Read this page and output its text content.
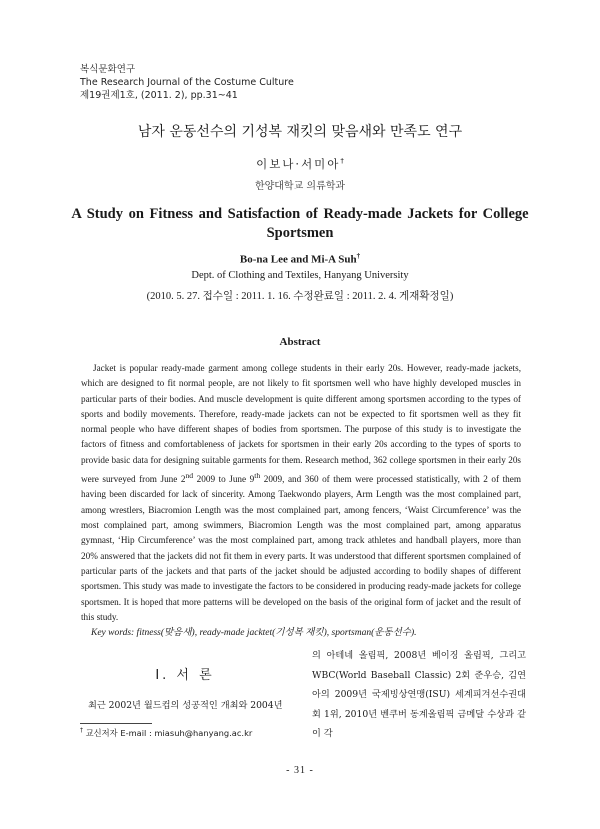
복식문화연구
The Research Journal of the Costume Culture
제19권제1호, (2011. 2), pp.31~41
남자 운동선수의 기성복 재킷의 맞음새와 만족도 연구
이보나·서미아†
한양대학교 의류학과
A Study on Fitness and Satisfaction of Ready-made Jackets for College Sportsmen
Bo-na Lee and Mi-A Suh†
Dept. of Clothing and Textiles, Hanyang University
(2010. 5. 27. 접수일 : 2011. 1. 16. 수정완료일 : 2011. 2. 4. 게재확정일)
Abstract

Jacket is popular ready-made garment among college students in their early 20s. However, ready-made jackets, which are designed to fit normal people, are not likely to fit sportsmen well who have highly developed muscles in particular parts of their bodies. And muscle development is quite different among sportsmen according to the types of sports and bodily movements. Therefore, ready-made jackets can not be expected to fit sportsmen well as they fit normal people who have different shapes of bodies from sportsmen. The purpose of this study is to investigate the factors of fitness and comfortableness of jackets for sportsmen in their early 20s according to the types of sports to provide basic data for designing suitable garments for them. Research method, 362 college sportsmen in their early 20s were surveyed from June 2nd 2009 to June 9th 2009, and 360 of them were processed statistically, with 2 of them having been discarded for lack of sincerity. Among Taekwondo players, Arm Length was the most complained part, among wrestlers, Biacromion Length was the most complained part, among fencers, ‘Waist Circumference’ was the most complained part, among swimmers, Biacromion Length was the most complained part, among apparatus gymnast, ‘Hip Circumference’ was the most complained part, among track athletes and handball players, more than 20% answered that the jackets did not fit them in every parts. It was understood that different sportsmen complained of particular parts of the jackets and that parts of the jacket should be adjusted according to bodily shapes of different sportsmen. This study was made to investigate the factors to be considered in producing ready-made jackets for college sportsmen. It is hoped that more patterns will be developed on the basis of the original form of jacket and the result of this study.

Key words: fitness(맞음새), ready-made jacktet(기성복 재킷), sportsman(운동선수).
Ⅰ. 서 론

최근 2002년 월드컵의 성공적인 개최와 2004년

의 아테네 올림픽, 2008년 베이징 올림픽, 그리고 WBC(World Baseball Classic) 2회 준우승, 김연아의 2009년 국제빙상연맹(ISU) 세계피겨선수권대회 1위, 2010년 벤쿠버 동계올림픽 금메달 수상과 같이 각

† 교신저자 E-mail : miasuh@hanyang.ac.kr
- 31 -
